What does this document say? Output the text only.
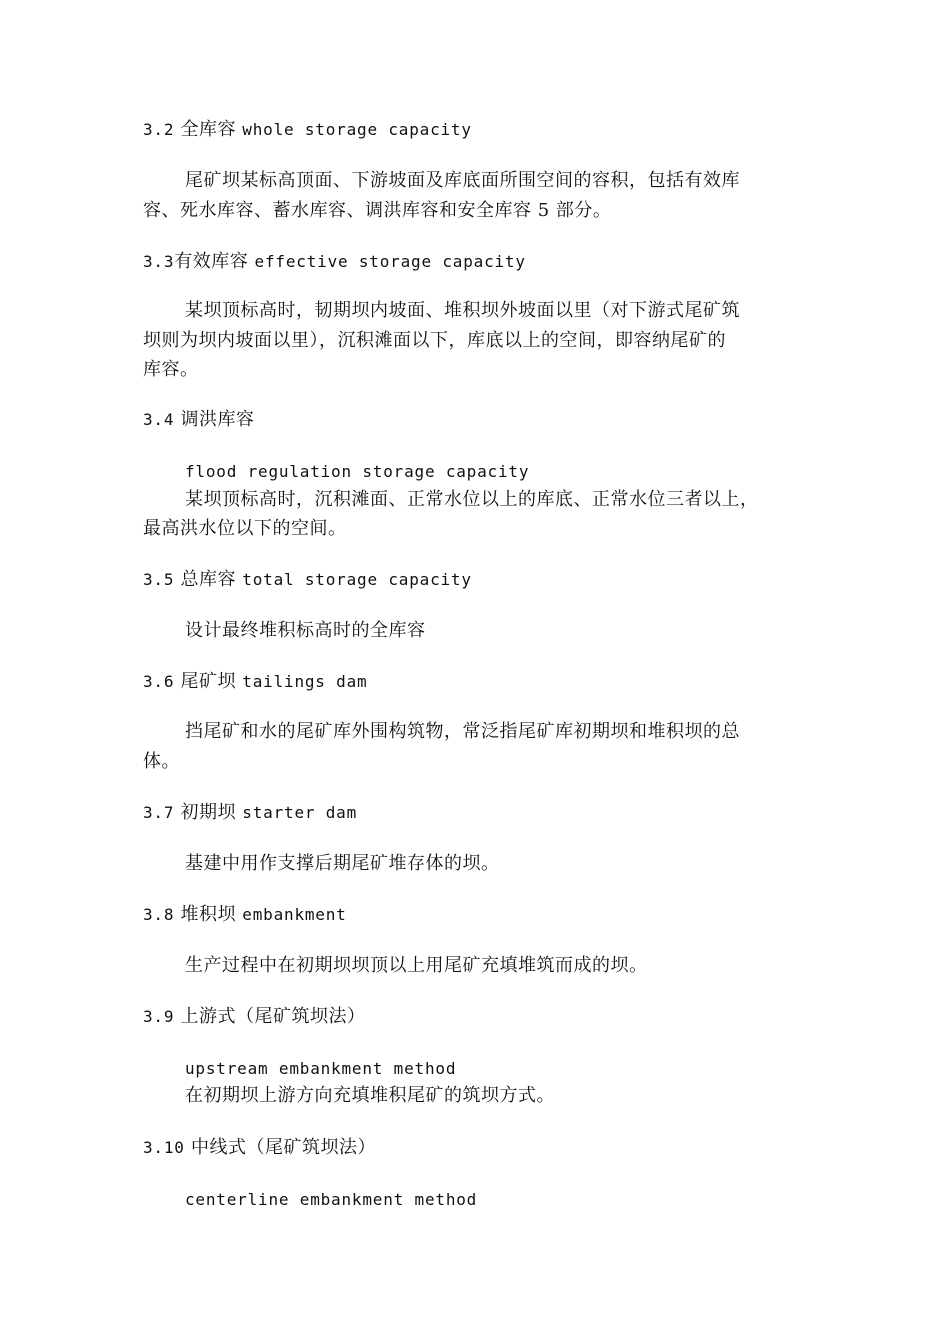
3.2 全库容 whole storage capacity
尾矿坝某标高顶面、下游坡面及库底面所围空间的容积，包括有效库
容、死水库容、蓄水库容、调洪库容和安全库容 5 部分。
3.3有效库容 effective storage capacity
某坝顶标高时，韧期坝内坡面、堆积坝外坡面以里（对下游式尾矿筑
坝则为坝内坡面以里），沉积滩面以下，库底以上的空间，即容纳尾矿的
库容。
3.4 调洪库容
flood regulation storage capacity
某坝顶标高时，沉积滩面、正常水位以上的库底、正常水位三者以上，
最高洪水位以下的空间。
3.5 总库容 total storage capacity
设计最终堆积标高时的全库容
3.6 尾矿坝 tailings dam
挡尾矿和水的尾矿库外围构筑物，常泛指尾矿库初期坝和堆积坝的总
体。
3.7 初期坝 starter dam
基建中用作支撑后期尾矿堆存体的坝。
3.8 堆积坝 embankment
生产过程中在初期坝坝顶以上用尾矿充填堆筑而成的坝。
3.9 上游式（尾矿筑坝法）
upstream embankment method
在初期坝上游方向充填堆积尾矿的筑坝方式。
3.10 中线式（尾矿筑坝法）
centerline embankment method
